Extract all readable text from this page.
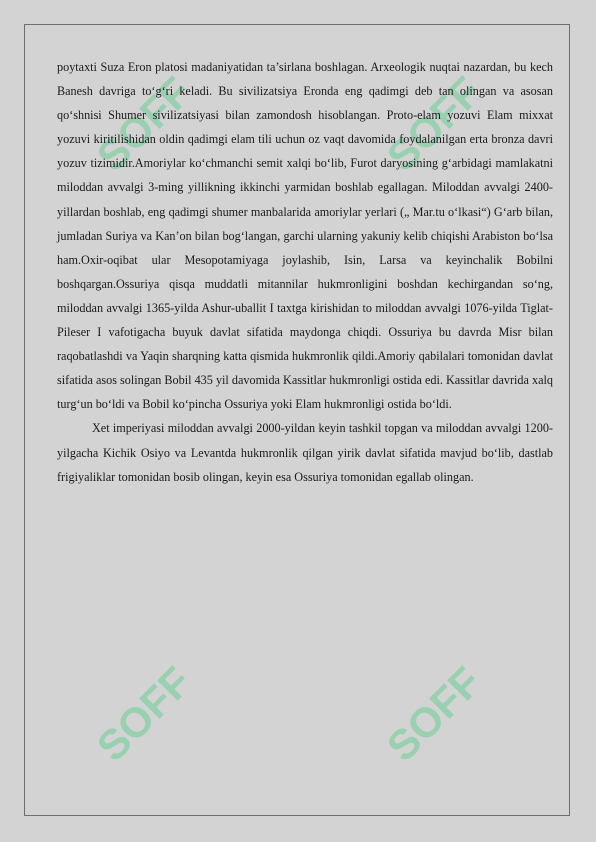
SOFF	SOFF
SOFF	SOFF

poytaxti Suza Eron platosi madaniyatidan ta’sirlana boshlagan. Arxeologik nuqtai nazardan, bu kech Banesh davriga to‘g‘ri keladi. Bu sivilizatsiya Eronda eng qadimgi deb tan olingan va asosan qo‘shnisi Shumer sivilizatsiyasi bilan zamondosh hisoblangan. Proto-elam yozuvi Elam mixxat yozuvi kiritilishidan oldin qadimgi elam tili uchun oz vaqt davomida foydalanilgan erta bronza davri yozuv tizimidir.Amoriylar ko‘chmanchi semit xalqi bo‘lib, Furot daryosining g‘arbidagi mamlakatni miloddan avvalgi 3-ming yillikning ikkinchi yarmidan boshlab egallagan. Miloddan avvalgi 2400-yillardan boshlab, eng qadimgi shumer manbalarida amoriylar yerlari („ Mar.tu o‘lkasi“) G‘arb bilan, jumladan Suriya va Kan’on bilan bog‘langan, garchi ularning yakuniy kelib chiqishi Arabiston bo‘lsa ham.Oxir-oqibat ular Mesopotamiyaga joylashib, Isin, Larsa va keyinchalik Bobilni boshqargan.Ossuriya qisqa muddatli mitannilar hukmronligini boshdan kechirgandan so‘ng, miloddan avvalgi 1365-yilda Ashur-uballit I taxtga kirishidan to miloddan avvalgi 1076-yilda Tiglat-Pileser I vafotigacha buyuk davlat sifatida maydonga chiqdi. Ossuriya bu davrda Misr bilan raqobatlashdi va Yaqin sharqning katta qismida hukmronlik qildi.Amoriy qabilalari tomonidan davlat sifatida asos solingan Bobil 435 yil davomida Kassitlar hukmronligi ostida edi. Kassitlar davrida xalq turg‘un bo‘ldi va Bobil ko‘pincha Ossuriya yoki Elam hukmronligi ostida bo‘ldi.

Xet imperiyasi miloddan avvalgi 2000-yildan keyin tashkil topgan va miloddan avvalgi 1200-yilgacha Kichik Osiyo va Levantda hukmronlik qilgan yirik davlat sifatida mavjud bo‘lib, dastlab frigiyaliklar tomonidan bosib olingan, keyin esa Ossuriya tomonidan egallab olingan.
